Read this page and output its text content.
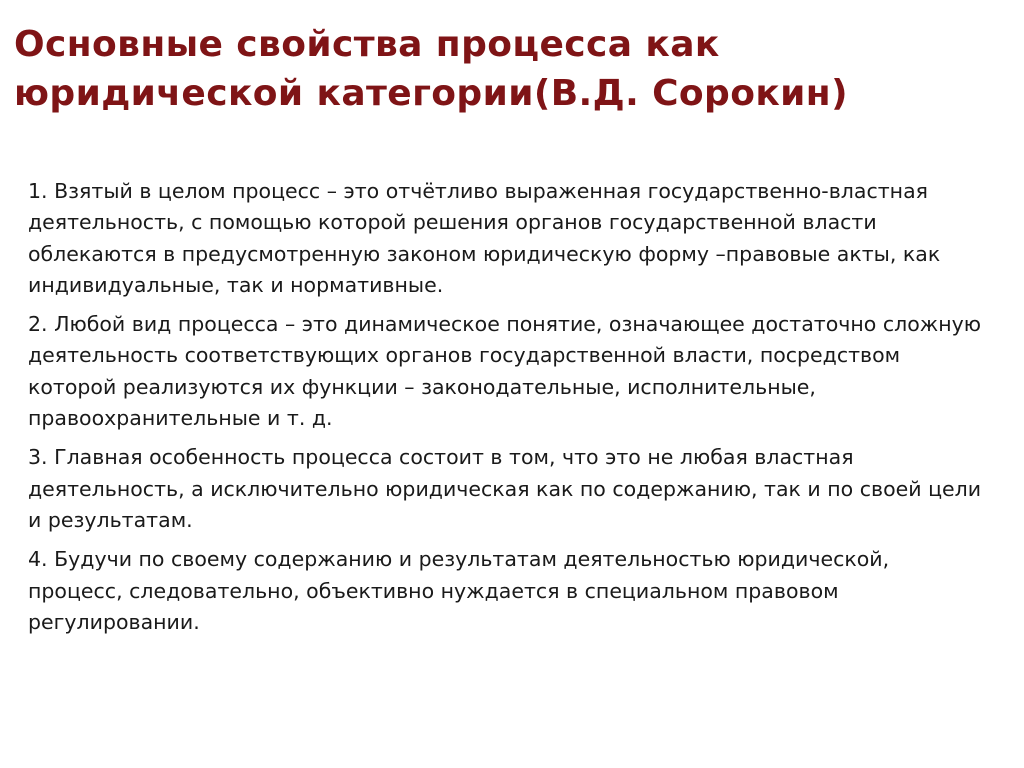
Основные свойства процесса как юридической категории(В.Д. Сорокин)

1. Взятый в целом процесс – это отчётливо выраженная государственно-властная деятельность, с помощью которой решения органов государственной власти облекаются в предусмотренную законом юридическую форму –правовые акты, как индивидуальные, так и нормативные.

2. Любой вид процесса – это динамическое понятие, означающее достаточно сложную деятельность соответствующих органов государственной власти, посредством которой реализуются их функции – законодательные, исполнительные, правоохранительные и т. д.

3. Главная особенность процесса состоит в том, что это не любая властная деятельность, а исключительно юридическая как по содержанию, так и по своей цели и результатам.

4. Будучи по своему содержанию и результатам деятельностью юридической, процесс, следовательно, объективно нуждается в специальном правовом регулировании.
